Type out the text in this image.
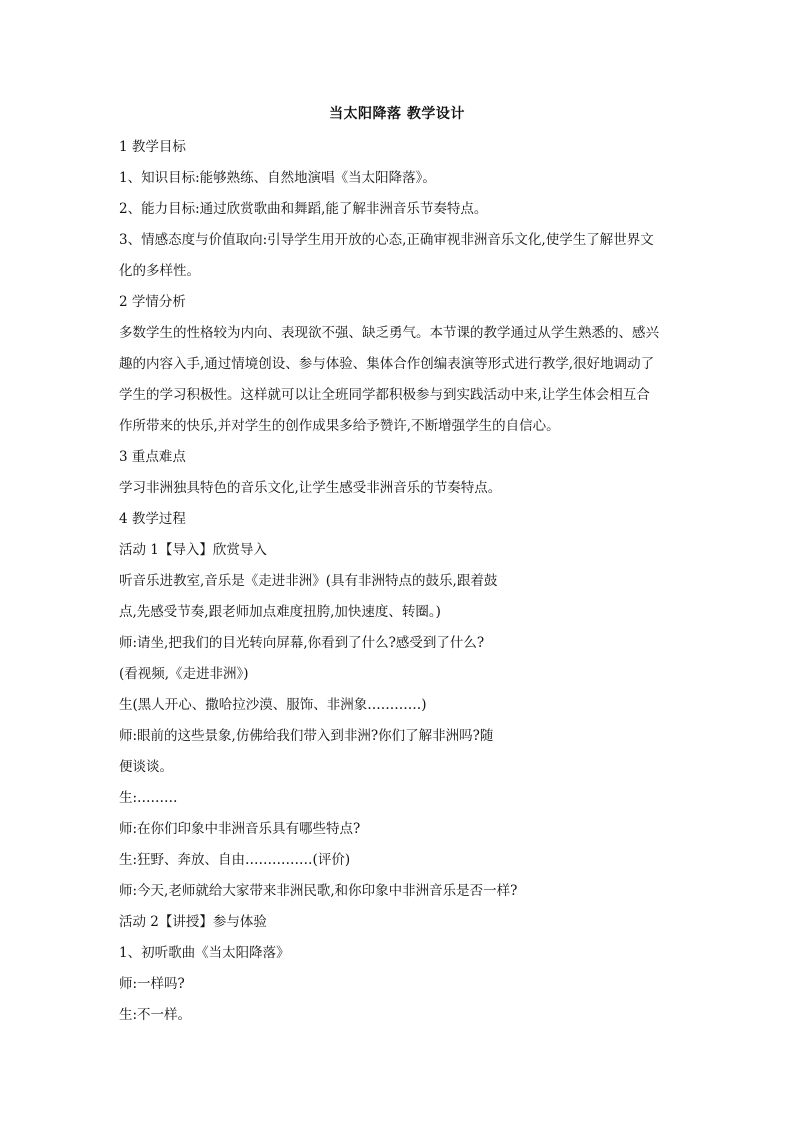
当太阳降落 教学设计

1 教学目标

1、知识目标:能够熟练、自然地演唱《当太阳降落》。

2、能力目标:通过欣赏歌曲和舞蹈,能了解非洲音乐节奏特点。

3、情感态度与价值取向:引导学生用开放的心态,正确审视非洲音乐文化,使学生了解世界文

化的多样性。

2 学情分析

多数学生的性格较为内向、表现欲不强、缺乏勇气。本节课的教学通过从学生熟悉的、感兴

趣的内容入手,通过情境创设、参与体验、集体合作创编表演等形式进行教学,很好地调动了

学生的学习积极性。这样就可以让全班同学都积极参与到实践活动中来,让学生体会相互合

作所带来的快乐,并对学生的创作成果多给予赞许,不断增强学生的自信心。

3 重点难点

学习非洲独具特色的音乐文化,让学生感受非洲音乐的节奏特点。

4 教学过程

活动 1【导入】欣赏导入

听音乐进教室,音乐是《走进非洲》(具有非洲特点的鼓乐,跟着鼓

点,先感受节奏,跟老师加点难度扭胯,加快速度、转圈。)

师:请坐,把我们的目光转向屏幕,你看到了什么?感受到了什么?

(看视频,《走进非洲》)

生(黑人开心、撒哈拉沙漠、服饰、非洲象…………)

师:眼前的这些景象,仿佛给我们带入到非洲?你们了解非洲吗?随

便谈谈。

生:………

师:在你们印象中非洲音乐具有哪些特点?

生:狂野、奔放、自由……………(评价)

师:今天,老师就给大家带来非洲民歌,和你印象中非洲音乐是否一样?

活动 2【讲授】参与体验

1、初听歌曲《当太阳降落》

师:一样吗?

生:不一样。
